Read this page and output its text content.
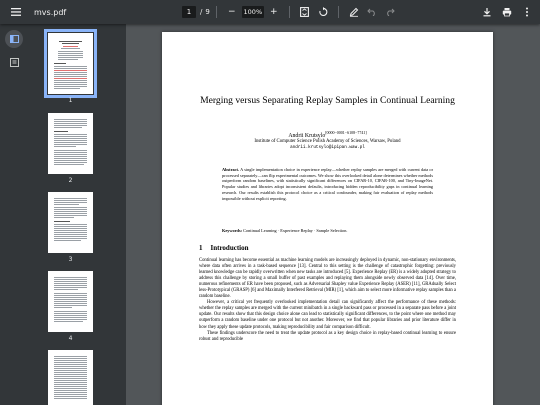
mvs.pdf	1	/ 9 − 100% +
1
2
3
4
Merging versus Separating Replay Samples in Continual Learning
Andrii Krutsylo[0000−0001−6108−7741]
Institute of Computer Science Polish Academy of Sciences, Warsaw, Poland
andrii.krutsylo@ipipan.waw.pl
Abstract. A single implementation choice in experience replay—whether replay samples are merged with current data or processed separately—can flip experimental outcomes. We show this overlooked detail alone determines whether methods outperform random baselines, with statistically significant differences on CIFAR-10, CIFAR-100, and Tiny-ImageNet. Popular studies and libraries adopt inconsistent defaults, introducing hidden reproducibility gaps in continual learning research. Our results establish this protocol choice as a critical confounder, making fair evaluation of replay methods impossible without explicit reporting.
Keywords: Continual Learning · Experience Replay · Sample Selection.
1 Introduction

Continual learning has become essential as machine learning models are increasingly deployed in dynamic, non-stationary environments, where data often arrives in a task-based sequence [13]. Central to this setting is the challenge of catastrophic forgetting: previously learned knowledge can be rapidly overwritten when new tasks are introduced [5]. Experience Replay (ER) is a widely adopted strategy to address this challenge by storing a small buffer of past examples and replaying them alongside newly observed data [14]. Over time, numerous refinements of ER have been proposed, such as Adversarial Shapley value Experience Replay (ASER) [11], GRAdually Select less-Prototypical (GRASP) [6] and Maximally Interfered Retrieval (MIR) [1], which aim to select more informative replay samples than a random baseline.

However, a critical yet frequently overlooked implementation detail can significantly affect the performance of these methods: whether the replay samples are merged with the current minibatch in a single backward pass or processed in a separate pass before a joint update. Our results show that this design choice alone can lead to statistically significant differences, to the point where one method may outperform a random baseline under one protocol but not another. Moreover, we find that popular libraries and prior literature differ in how they apply these update protocols, making reproducibility and fair comparison difficult.

These findings underscore the need to treat the update protocol as a key design choice in replay-based continual learning to ensure robust and reproducible
